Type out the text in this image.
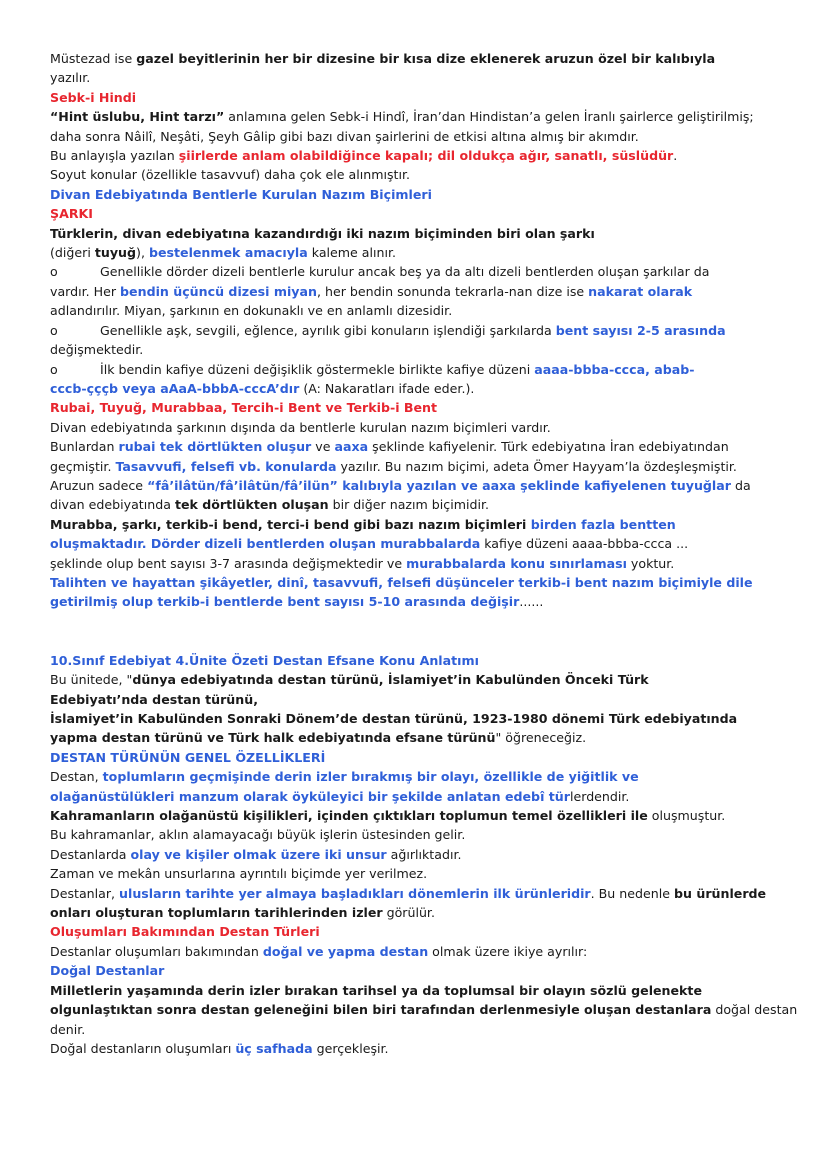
Müstezad ise gazel beyitlerinin her bir dizesine bir kısa dize eklenerek aruzun özel bir kalıbıyla
yazılır.
Sebk-i Hindi
“Hint üslubu, Hint tarzı” anlamına gelen Sebk-i Hindî, İran’dan Hindistan’a gelen İranlı şairlerce geliştirilmiş;
daha sonra Nâilî, Neşâti, Şeyh Gâlip gibi bazı divan şairlerini de etkisi altına almış bir akımdır.
Bu anlayışla yazılan şiirlerde anlam olabildiğince kapalı; dil oldukça ağır, sanatlı, süslüdür.
Soyut konular (özellikle tasavvuf) daha çok ele alınmıştır.
Divan Edebiyatında Bentlerle Kurulan Nazım Biçimleri
ŞARKI
Türklerin, divan edebiyatına kazandırdığı iki nazım biçiminden biri olan şarkı
(diğeri tuyuğ), bestelenmek amacıyla kaleme alınır.
o	Genellikle dörder dizeli bentlerle kurulur ancak beş ya da altı dizeli bentlerden oluşan şarkılar da
vardır. Her bendin üçüncü dizesi miyan, her bendin sonunda tekrarla-nan dize ise nakarat olarak
adlandırılır. Miyan, şarkının en dokunaklı ve en anlamlı dizesidir.
o	Genellikle aşk, sevgili, eğlence, ayrılık gibi konuların işlendiği şarkılarda bent sayısı 2-5 arasında
değişmektedir.
o	İlk bendin kafiye düzeni değişiklik göstermekle birlikte kafiye düzeni aaaa-bbba-ccca, abab-
cccb-çççb veya aAaA-bbbA-cccA’dır (A: Nakaratları ifade eder.).
Rubai, Tuyuğ, Murabbaa, Tercih-i Bent ve Terkib-i Bent
Divan edebiyatında şarkının dışında da bentlerle kurulan nazım biçimleri vardır.
Bunlardan rubai tek dörtlükten oluşur ve aaxa şeklinde kafiyelenir. Türk edebiyatına İran edebiyatından
geçmiştir. Tasavvufi, felsefi vb. konularda yazılır. Bu nazım biçimi, adeta Ömer Hayyam’la özdeşleşmiştir.
Aruzun sadece “fâ’ilâtün/fâ’ilâtün/fâ’ilün” kalıbıyla yazılan ve aaxa şeklinde kafiyelenen tuyuğlar da
divan edebiyatında tek dörtlükten oluşan bir diğer nazım biçimidir.
Murabba, şarkı, terkib-i bend, terci-i bend gibi bazı nazım biçimleri birden fazla bentten
oluşmaktadır. Dörder dizeli bentlerden oluşan murabbalarda kafiye düzeni aaaa-bbba-ccca ...
şeklinde olup bent sayısı 3-7 arasında değişmektedir ve murabbalarda konu sınırlaması yoktur.
Talihten ve hayattan şikâyetler, dinî, tasavvufi, felsefi düşünceler terkib-i bent nazım biçimiyle dile
getirilmiş olup terkib-i bentlerde bent sayısı 5-10 arasında değişir......
10.Sınıf Edebiyat 4.Ünite Özeti Destan Efsane Konu Anlatımı
Bu ünitede, "dünya edebiyatında destan türünü, İslamiyet’in Kabulünden Önceki Türk
Edebiyatı’nda destan türünü,
İslamiyet’in Kabulünden Sonraki Dönem’de destan türünü, 1923-1980 dönemi Türk edebiyatında
yapma destan türünü ve Türk halk edebiyatında efsane türünü" öğreneceğiz.
DESTAN TÜRÜNÜN GENEL ÖZELLİKLERİ
Destan, toplumların geçmişinde derin izler bırakmış bir olayı, özellikle de yiğitlik ve
olağanüstülükleri manzum olarak öyküleyici bir şekilde anlatan edebî türlerdendir.
Kahramanların olağanüstü kişilikleri, içinden çıktıkları toplumun temel özellikleri ile oluşmuştur.
Bu kahramanlar, aklın alamayacağı büyük işlerin üstesinden gelir.
Destanlarda olay ve kişiler olmak üzere iki unsur ağırlıktadır.
Zaman ve mekân unsurlarına ayrıntılı biçimde yer verilmez.
Destanlar, ulusların tarihte yer almaya başladıkları dönemlerin ilk ürünleridir. Bu nedenle bu ürünlerde
onları oluşturan toplumların tarihlerinden izler görülür.
Oluşumları Bakımından Destan Türleri
Destanlar oluşumları bakımından doğal ve yapma destan olmak üzere ikiye ayrılır:
Doğal Destanlar
Milletlerin yaşamında derin izler bırakan tarihsel ya da toplumsal bir olayın sözlü gelenekte
olgunlaştıktan sonra destan geleneğini bilen biri tarafından derlenmesiyle oluşan destanlara doğal destan
denir.
Doğal destanların oluşumları üç safhada gerçekleşir.
